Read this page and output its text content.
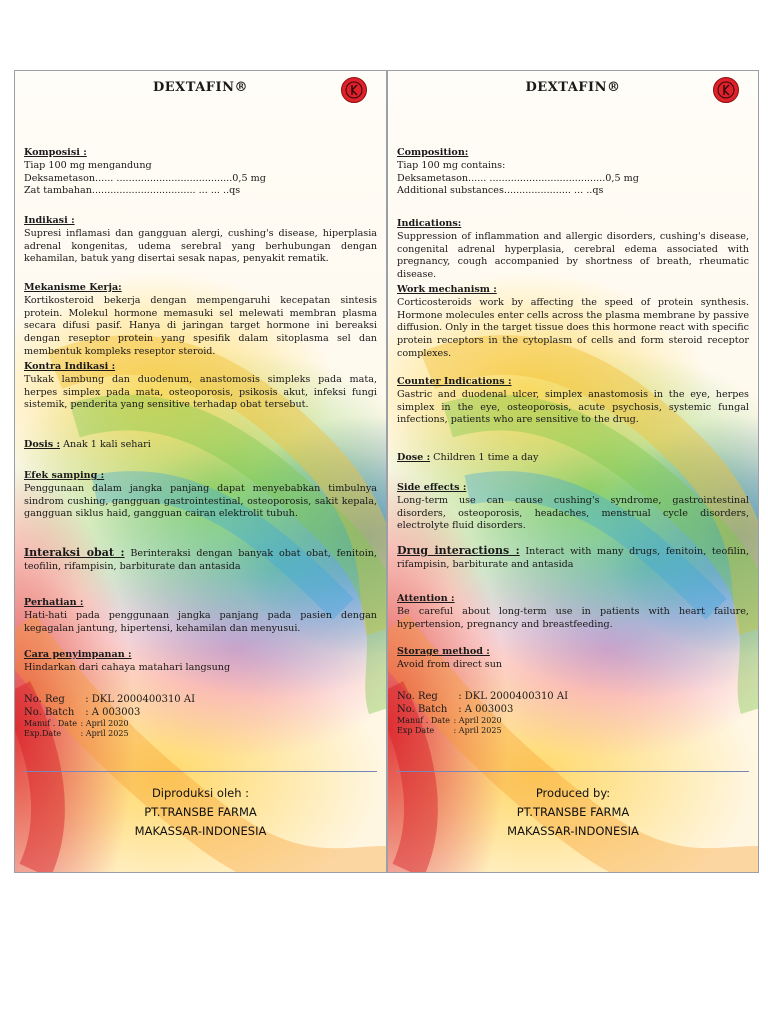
DEXTAFIN®
Komposisi :
Tiap 100 mg mengandung
Deksametason...... ......................................0,5 mg
Zat tambahan.................................. ... ... ..qs
Indikasi :
Supresi inflamasi dan gangguan alergi, cushing's disease, hiperplasia adrenal kongenitas, udema serebral yang berhubungan dengan kehamilan, batuk yang disertai sesak napas, penyakit rematik.
Mekanisme Kerja:
Kortikosteroid bekerja dengan mempengaruhi kecepatan sintesis protein. Molekul hormone memasuki sel melewati membran plasma secara difusi pasif. Hanya di jaringan target hormone ini bereaksi dengan reseptor protein yang spesifik dalam sitoplasma sel dan membentuk kompleks reseptor steroid.
Kontra Indikasi :
Tukak lambung dan duodenum, anastomosis simpleks pada mata, herpes simplex pada mata, osteoporosis, psikosis akut, infeksi fungi sistemik, penderita yang sensitive terhadap obat tersebut.
Dosis : Anak 1 kali sehari
Efek samping :
Penggunaan dalam jangka panjang dapat menyebabkan timbulnya sindrom cushing, gangguan gastrointestinal, osteoporosis, sakit kepala, gangguan siklus haid, gangguan cairan elektrolit tubuh.
Interaksi obat : Berinteraksi dengan banyak obat obat, fenitoin, teofilin, rifampisin, barbiturate dan antasida
Perhatian :
Hati-hati pada penggunaan jangka panjang pada pasien dengan kegagalan jantung, hipertensi, kehamilan dan menyusui.
Cara penyimpanan :
Hindarkan dari cahaya matahari langsung
No. Reg : DKL 2000400310 AI
No. Batch : A 003003
Manuf . Date : April 2020
Exp.Date : April 2025
Diproduksi oleh :
PT.TRANSBE FARMA
MAKASSAR-INDONESIA
DEXTAFIN®
Composition:
Tiap 100 mg contains:
Deksametason...... ......................................0,5 mg
Additional substances...................... ... ..qs
Indications:
Suppression of inflammation and allergic disorders, cushing's disease, congenital adrenal hyperplasia, cerebral edema associated with pregnancy, cough accompanied by shortness of breath, rheumatic disease.
Work mechanism :
Corticosteroids work by affecting the speed of protein synthesis. Hormone molecules enter cells across the plasma membrane by passive diffusion. Only in the target tissue does this hormone react with specific protein receptors in the cytoplasm of cells and form steroid receptor complexes.
Counter Indications :
Gastric and duodenal ulcer, simplex anastomosis in the eye, herpes simplex in the eye, osteoporosis, acute psychosis, systemic fungal infections, patients who are sensitive to the drug.
Dose : Children 1 time a day
Side effects :
Long-term use can cause cushing's syndrome, gastrointestinal disorders, osteoporosis, headaches, menstrual cycle disorders, electrolyte fluid disorders.
Drug interactions : Interact with many drugs, fenitoin, teofilin, rifampisin, barbiturate and antasida
Attention :
Be careful about long-term use in patients with heart failure, hypertension, pregnancy and breastfeeding.
Storage method :
Avoid from direct sun
No. Reg : DKL 2000400310 AI
No. Batch : A 003003
Manuf . Date : April 2020
Exp Date : April 2025
Produced by:
PT.TRANSBE FARMA
MAKASSAR-INDONESIA
